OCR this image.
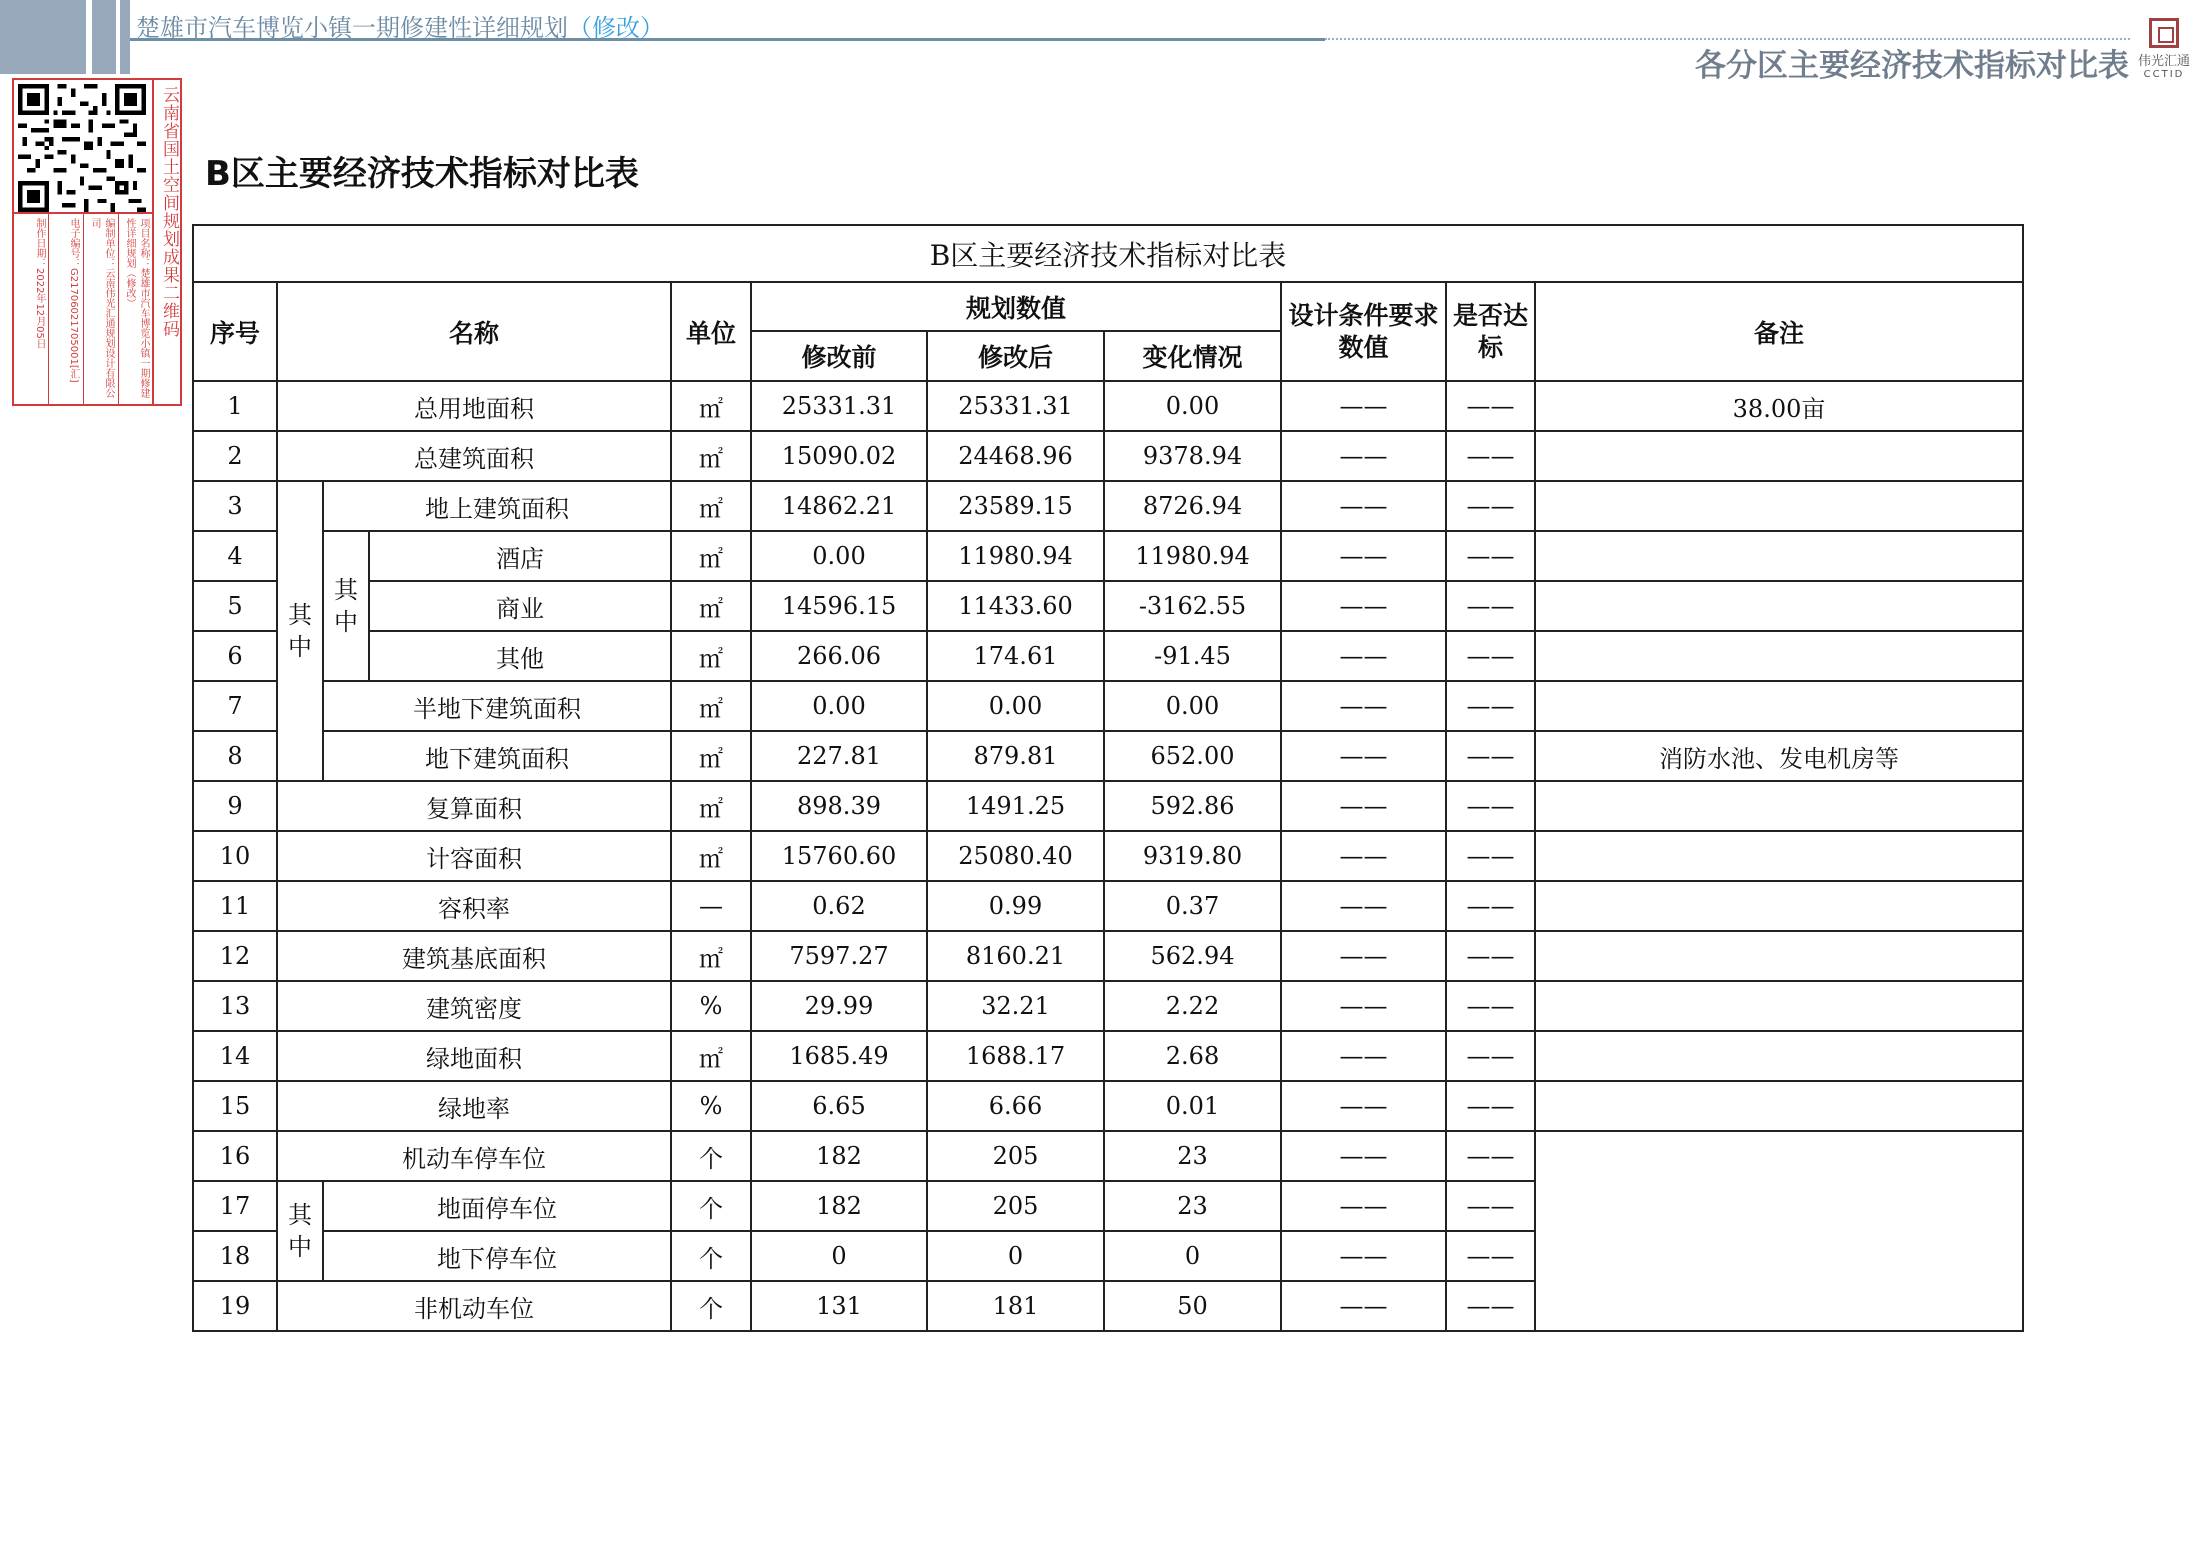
楚雄市汽车博览小镇一期修建性详细规划（修改）
各分区主要经济技术指标对比表 伟光汇通
CCTID
云南省国土空间规划成果二维码
项目名称：楚雄市汽车博览小镇一期修建性详细规划（修改）
编制单位：云南伟光汇通规划设计有限公司
电子编号：G21706021705001[汇]
制作日期：2022年12月05日
B区主要经济技术指标对比表
B区主要经济技术指标对比表										
序号	名称			单位	规划数值			设计条件要求数值	是否达标	备注
					修改前	修改后	变化情况			
1	总用地面积			㎡	25331.31	25331.31	0.00	——	——	38.00亩
2	总建筑面积			㎡	15090.02	24468.96	9378.94	——	——	
3	其中	地上建筑面积		㎡	14862.21	23589.15	8726.94	——	——	
4		其中	酒店	㎡	0.00	11980.94	11980.94	——	——	
5			商业	㎡	14596.15	11433.60	-3162.55	——	——	
6			其他	㎡	266.06	174.61	-91.45	——	——	
7		半地下建筑面积		㎡	0.00	0.00	0.00	——	——	
8		地下建筑面积		㎡	227.81	879.81	652.00	——	——	消防水池、发电机房等
9	复算面积			㎡	898.39	1491.25	592.86	——	——	
10	计容面积			㎡	15760.60	25080.40	9319.80	——	——	
11	容积率			—	0.62	0.99	0.37	——	——	
12	建筑基底面积			㎡	7597.27	8160.21	562.94	——	——	
13	建筑密度			%	29.99	32.21	2.22	——	——	
14	绿地面积			㎡	1685.49	1688.17	2.68	——	——	
15	绿地率			%	6.65	6.66	0.01	——	——	
16	机动车停车位			个	182	205	23	——	——	
17	其中	地面停车位		个	182	205	23	——	——	
18		地下停车位		个	0	0	0	——	——	
19	非机动车位			个	131	181	50	——	——	
